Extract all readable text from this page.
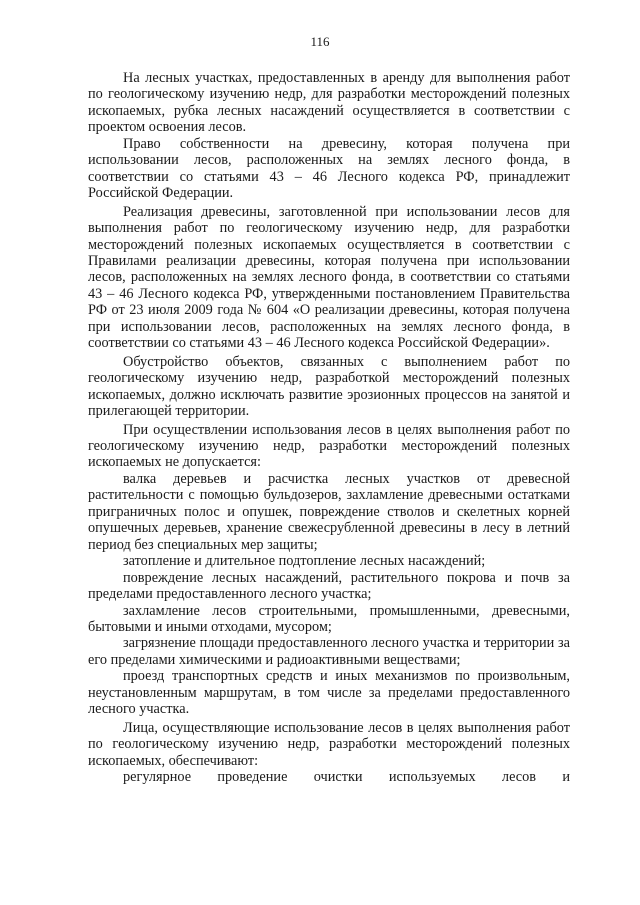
116

На лесных участках, предоставленных в аренду для выполнения работ по геологическому изучению недр, для разработки месторождений полезных ископаемых, рубка лесных насаждений осуществляется в соответствии с проектом освоения лесов.

Право собственности на древесину, которая получена при использовании лесов, расположенных на землях лесного фонда, в соответствии со статьями 43 – 46 Лесного кодекса РФ, принадлежит Российской Федерации.

Реализация древесины, заготовленной при использовании лесов для выполнения работ по геологическому изучению недр, для разработки месторождений полезных ископаемых осуществляется в соответствии с Правилами реализации древесины, которая получена при использовании лесов, расположенных на землях лесного фонда, в соответствии со статьями 43 – 46 Лесного кодекса РФ, утвержденными постановлением Правительства РФ от 23 июля 2009 года № 604 «О реализации древесины, которая получена при использовании лесов, расположенных на землях лесного фонда, в соответствии со статьями 43 – 46 Лесного кодекса Российской Федерации».

Обустройство объектов, связанных с выполнением работ по геологическому изучению недр, разработкой месторождений полезных ископаемых, должно исключать развитие эрозионных процессов на занятой и прилегающей территории.

При осуществлении использования лесов в целях выполнения работ по геологическому изучению недр, разработки месторождений полезных ископаемых не допускается:

валка деревьев и расчистка лесных участков от древесной растительности с помощью бульдозеров, захламление древесными остатками приграничных полос и опушек, повреждение стволов и скелетных корней опушечных деревьев, хранение свежесрубленной древесины в лесу в летний период без специальных мер защиты;

затопление и длительное подтопление лесных насаждений;

повреждение лесных насаждений, растительного покрова и почв за пределами предоставленного лесного участка;

захламление лесов строительными, промышленными, древесными, бытовыми и иными отходами, мусором;

загрязнение площади предоставленного лесного участка и территории за его пределами химическими и радиоактивными веществами;

проезд транспортных средств и иных механизмов по произвольным, неустановленным маршрутам, в том числе за пределами предоставленного лесного участка.

Лица, осуществляющие использование лесов в целях выполнения работ по геологическому изучению недр, разработки месторождений полезных ископаемых, обеспечивают:

регулярное проведение очистки используемых лесов и
